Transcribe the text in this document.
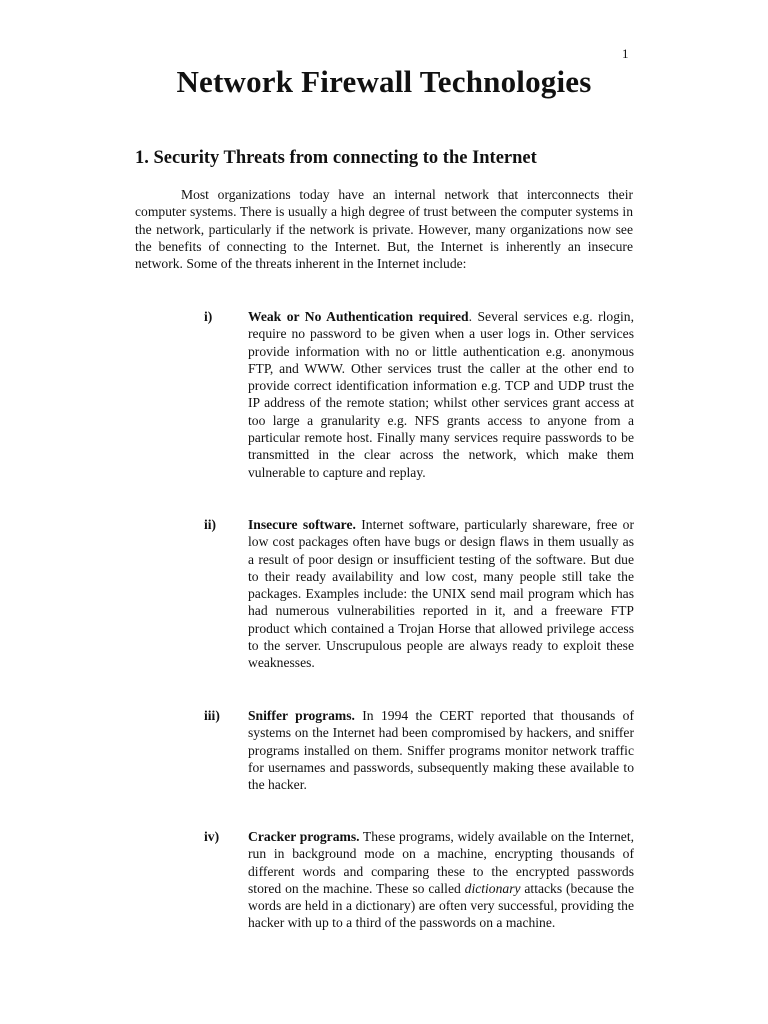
1
Network Firewall Technologies
1. Security Threats from connecting to the Internet

Most organizations today have an internal network that interconnects their computer systems. There is usually a high degree of trust between the computer systems in the network, particularly if the network is private. However, many organizations now see the benefits of connecting to the Internet. But, the Internet is inherently an insecure network. Some of the threats inherent in the Internet include:

i)	Weak or No Authentication required. Several services e.g. rlogin, require no password to be given when a user logs in. Other services provide information with no or little authentication e.g. anonymous FTP, and WWW. Other services trust the caller at the other end to provide correct identification information e.g. TCP and UDP trust the IP address of the remote station; whilst other services grant access at too large a granularity e.g. NFS grants access to anyone from a particular remote host. Finally many services require passwords to be transmitted in the clear across the network, which make them vulnerable to capture and replay.
ii) Insecure software. Internet software, particularly shareware, free or low cost packages often have bugs or design flaws in them usually as a result of poor design or insufficient testing of the software. But due to their ready availability and low cost, many people still take the packages. Examples include: the UNIX send mail program which has had numerous vulnerabilities reported in it, and a freeware FTP product which contained a Trojan Horse that allowed privilege access to the server. Unscrupulous people are always ready to exploit these weaknesses.
iii) Sniffer programs. In 1994 the CERT reported that thousands of systems on the Internet had been compromised by hackers, and sniffer programs installed on them. Sniffer programs monitor network traffic for usernames and passwords, subsequently making these available to the hacker.
iv) Cracker programs. These programs, widely available on the Internet, run in background mode on a machine, encrypting thousands of different words and comparing these to the encrypted passwords stored on the machine. These so called dictionary attacks (because the words are held in a dictionary) are often very successful, providing the hacker with up to a third of the passwords on a machine.
